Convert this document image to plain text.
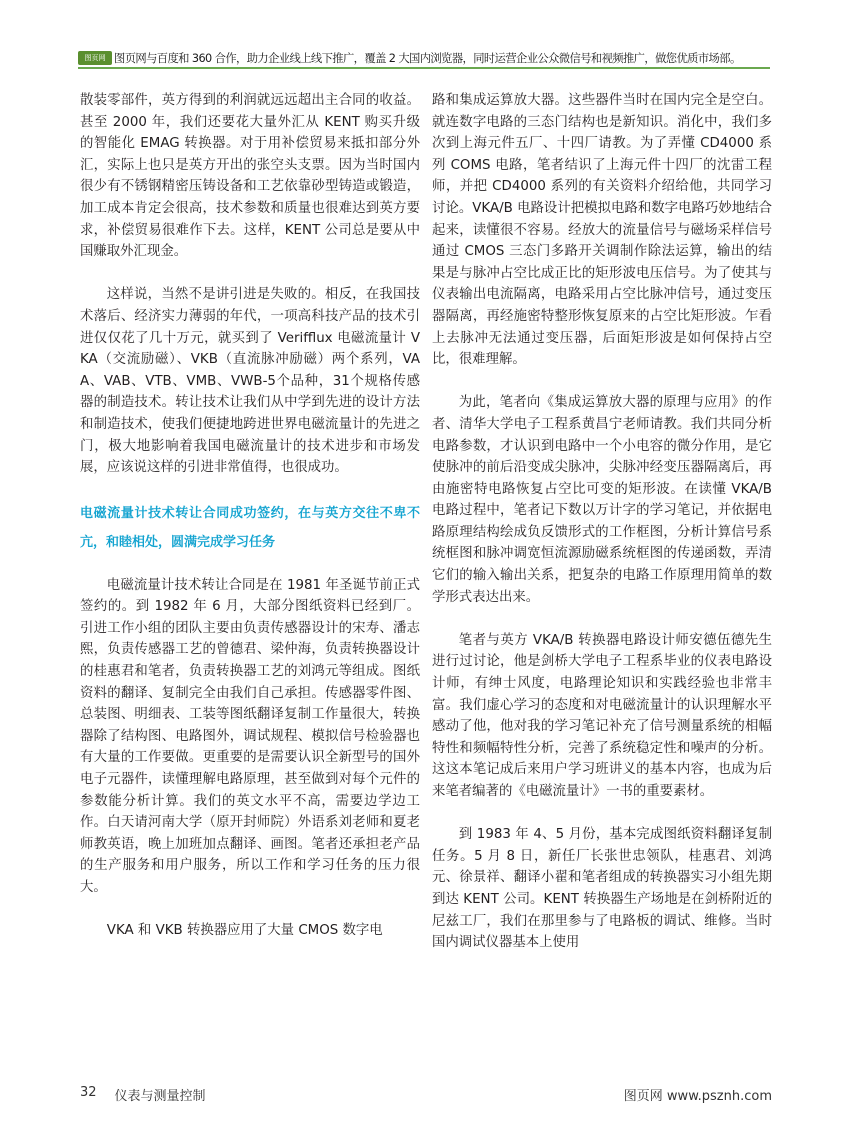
图页网 图页网与百度和 360 合作，助力企业线上线下推广，覆盖 2 大国内浏览器，同时运营企业公众微信号和视频推广，做您优质市场部。

散装零部件，英方得到的利润就远远超出主合同的收益。甚至 2000 年，我们还要花大量外汇从 KENT 购买升级的智能化 EMAG 转换器。对于用补偿贸易来抵扣部分外汇，实际上也只是英方开出的张空头支票。因为当时国内很少有不锈钢精密压铸设备和工艺依靠砂型铸造或锻造，加工成本肯定会很高，技术参数和质量也很难达到英方要求，补偿贸易很难作下去。这样，KENT 公司总是要从中国赚取外汇现金。

这样说，当然不是讲引进是失败的。相反，在我国技术落后、经济实力薄弱的年代，一项高科技产品的技术引进仅仅花了几十万元，就买到了 Verifflux 电磁流量计 VKA（交流励磁）、VKB（直流脉冲励磁）两个系列，VAA、VAB、VTB、VMB、VWB-5个品种，31个规格传感器的制造技术。转让技术让我们从中学到先进的设计方法和制造技术，使我们便捷地跨进世界电磁流量计的先进之门，极大地影响着我国电磁流量计的技术进步和市场发展，应该说这样的引进非常值得，也很成功。

电磁流量计技术转让合同成功签约，在与英方交往不卑不亢，和睦相处，圆满完成学习任务

电磁流量计技术转让合同是在 1981 年圣诞节前正式签约的。到 1982 年 6 月，大部分图纸资料已经到厂。引进工作小组的团队主要由负责传感器设计的宋寿、潘志熙，负责传感器工艺的曾德君、梁仲海，负责转换器设计的桂惠君和笔者，负责转换器工艺的刘鸿元等组成。图纸资料的翻译、复制完全由我们自己承担。传感器零件图、总装图、明细表、工装等图纸翻译复制工作量很大，转换器除了结构图、电路图外，调试规程、模拟信号检验器也有大量的工作要做。更重要的是需要认识全新型号的国外电子元器件，读懂理解电路原理，甚至做到对每个元件的参数能分析计算。我们的英文水平不高，需要边学边工作。白天请河南大学（原开封师院）外语系刘老师和夏老师教英语，晚上加班加点翻译、画图。笔者还承担老产品的生产服务和用户服务，所以工作和学习任务的压力很大。

VKA 和 VKB 转换器应用了大量 CMOS 数字电

路和集成运算放大器。这些器件当时在国内完全是空白。就连数字电路的三态门结构也是新知识。消化中，我们多次到上海元件五厂、十四厂请教。为了弄懂 CD4000 系列 COMS 电路，笔者结识了上海元件十四厂的沈雷工程师，并把 CD4000 系列的有关资料介绍给他，共同学习讨论。VKA/B 电路设计把模拟电路和数字电路巧妙地结合起来，读懂很不容易。经放大的流量信号与磁场采样信号通过 CMOS 三态门多路开关调制作除法运算，输出的结果是与脉冲占空比成正比的矩形波电压信号。为了使其与仪表输出电流隔离，电路采用占空比脉冲信号，通过变压器隔离，再经施密特整形恢复原来的占空比矩形波。乍看上去脉冲无法通过变压器，后面矩形波是如何保持占空比，很难理解。

为此，笔者向《集成运算放大器的原理与应用》的作者、清华大学电子工程系黄昌宁老师请教。我们共同分析电路参数，才认识到电路中一个小电容的微分作用，是它使脉冲的前后沿变成尖脉冲，尖脉冲经变压器隔离后，再由施密特电路恢复占空比可变的矩形波。在读懂 VKA/B 电路过程中，笔者记下数以万计字的学习笔记，并依据电路原理结构绘成负反馈形式的工作框图，分析计算信号系统框图和脉冲调宽恒流源励磁系统框图的传递函数，弄清它们的输入输出关系，把复杂的电路工作原理用简单的数学形式表达出来。

笔者与英方 VKA/B 转换器电路设计师安德伍德先生进行过讨论，他是剑桥大学电子工程系毕业的仪表电路设计师，有绅士风度，电路理论知识和实践经验也非常丰富。我们虚心学习的态度和对电磁流量计的认识理解水平感动了他，他对我的学习笔记补充了信号测量系统的相幅特性和频幅特性分析，完善了系统稳定性和噪声的分析。这这本笔记成后来用户学习班讲义的基本内容，也成为后来笔者编著的《电磁流量计》一书的重要素材。

到 1983 年 4、5 月份，基本完成图纸资料翻译复制任务。5 月 8 日，新任厂长张世忠领队，桂惠君、刘鸿元、徐景祥、翻译小翟和笔者组成的转换器实习小组先期到达 KENT 公司。KENT 转换器生产场地是在剑桥附近的尼兹工厂，我们在那里参与了电路板的调试、维修。当时国内调试仪器基本上使用

32 仪表与测量控制	图页网 www.psznh.com
